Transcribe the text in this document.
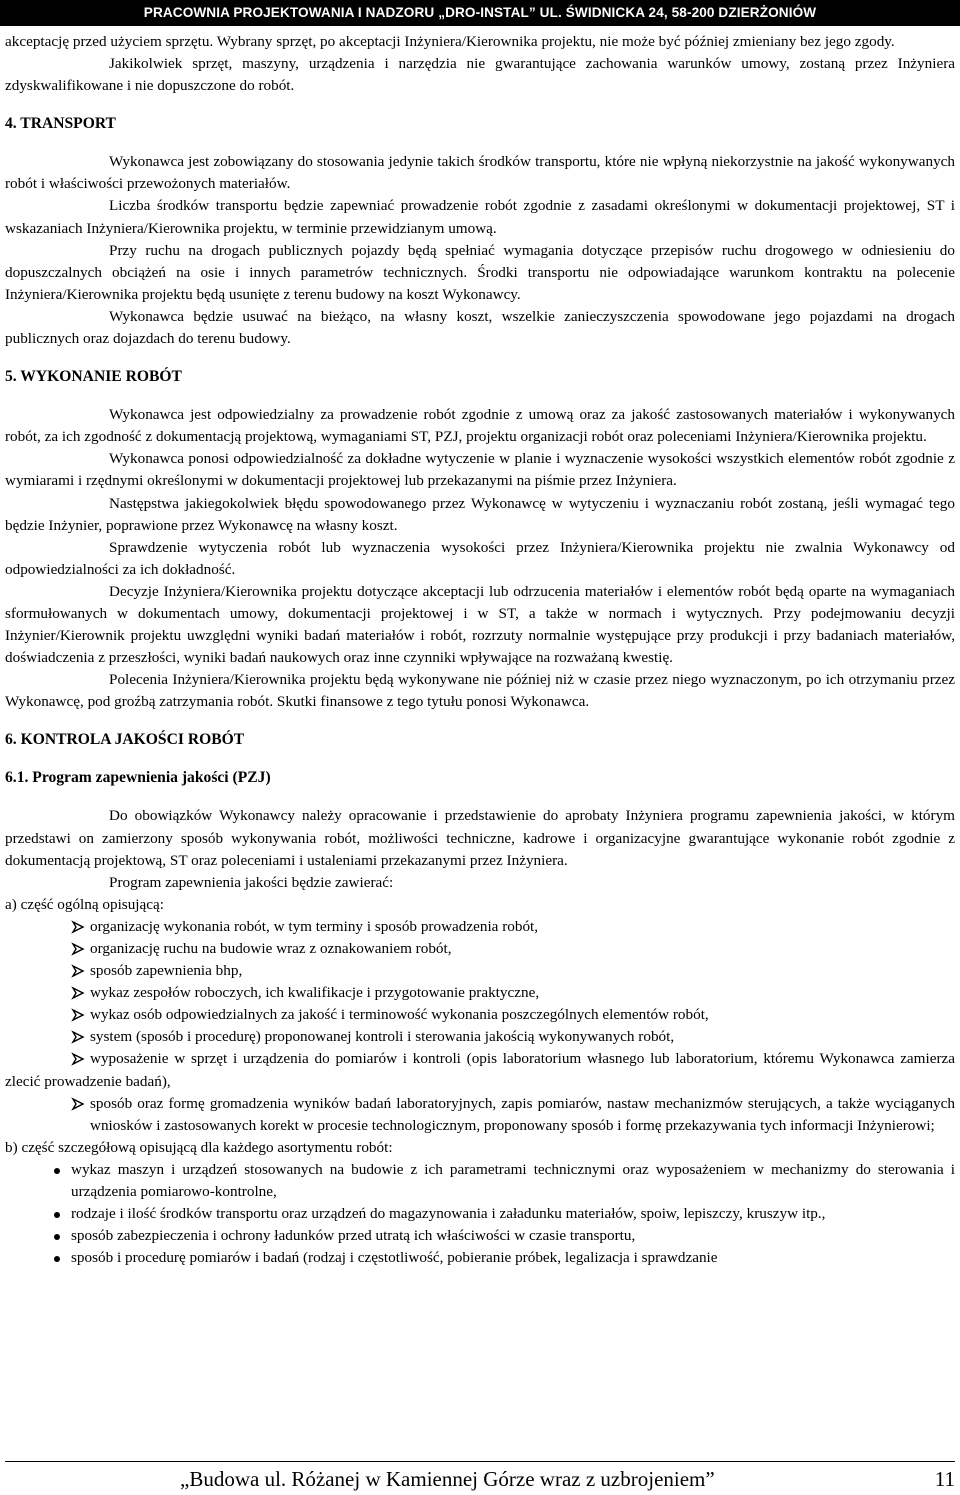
PRACOWNIA PROJEKTOWANIA I NADZORU „DRO-INSTAL” UL. ŚWIDNICKA 24, 58-200 DZIERŻONIÓW

akceptację przed użyciem sprzętu. Wybrany sprzęt, po akceptacji Inżyniera/Kierownika projektu, nie może być później zmieniany bez jego zgody.

Jakikolwiek sprzęt, maszyny, urządzenia i narzędzia nie gwarantujące zachowania warunków umowy, zostaną przez Inżyniera zdyskwalifikowane i nie dopuszczone do robót.

4. TRANSPORT

Wykonawca jest zobowiązany do stosowania jedynie takich środków transportu, które nie wpłyną niekorzystnie na jakość wykonywanych robót i właściwości przewożonych materiałów.

Liczba środków transportu będzie zapewniać prowadzenie robót zgodnie z zasadami określonymi w dokumentacji projektowej, ST i wskazaniach Inżyniera/Kierownika projektu, w terminie przewidzianym umową.

Przy ruchu na drogach publicznych pojazdy będą spełniać wymagania dotyczące przepisów ruchu drogowego w odniesieniu do dopuszczalnych obciążeń na osie i innych parametrów technicznych. Środki transportu nie odpowiadające warunkom kontraktu na polecenie Inżyniera/Kierownika projektu będą usunięte z terenu budowy na koszt Wykonawcy.

Wykonawca będzie usuwać na bieżąco, na własny koszt, wszelkie zanieczyszczenia spowodowane jego pojazdami na drogach publicznych oraz dojazdach do terenu budowy.

5. WYKONANIE ROBÓT

Wykonawca jest odpowiedzialny za prowadzenie robót zgodnie z umową oraz za jakość zastosowanych materiałów i wykonywanych robót, za ich zgodność z dokumentacją projektową, wymaganiami ST, PZJ, projektu organizacji robót oraz poleceniami Inżyniera/Kierownika projektu.

Wykonawca ponosi odpowiedzialność za dokładne wytyczenie w planie i wyznaczenie wysokości wszystkich elementów robót zgodnie z wymiarami i rzędnymi określonymi w dokumentacji projektowej lub przekazanymi na piśmie przez Inżyniera.

Następstwa jakiegokolwiek błędu spowodowanego przez Wykonawcę w wytyczeniu i wyznaczaniu robót zostaną, jeśli wymagać tego będzie Inżynier, poprawione przez Wykonawcę na własny koszt.

Sprawdzenie wytyczenia robót lub wyznaczenia wysokości przez Inżyniera/Kierownika projektu nie zwalnia Wykonawcy od odpowiedzialności za ich dokładność.

Decyzje Inżyniera/Kierownika projektu dotyczące akceptacji lub odrzucenia materiałów i elementów robót będą oparte na wymaganiach sformułowanych w dokumentach umowy, dokumentacji projektowej i w ST, a także w normach i wytycznych. Przy podejmowaniu decyzji Inżynier/Kierownik projektu uwzględni wyniki badań materiałów i robót, rozrzuty normalnie występujące przy produkcji i przy badaniach materiałów, doświadczenia z przeszłości, wyniki badań naukowych oraz inne czynniki wpływające na rozważaną kwestię.

Polecenia Inżyniera/Kierownika projektu będą wykonywane nie później niż w czasie przez niego wyznaczonym, po ich otrzymaniu przez Wykonawcę, pod groźbą zatrzymania robót. Skutki finansowe z tego tytułu ponosi Wykonawca.

6. KONTROLA JAKOŚCI ROBÓT
6.1. Program zapewnienia jakości (PZJ)

Do obowiązków Wykonawcy należy opracowanie i przedstawienie do aprobaty Inżyniera programu zapewnienia jakości, w którym przedstawi on zamierzony sposób wykonywania robót, możliwości techniczne, kadrowe i organizacyjne gwarantujące wykonanie robót zgodnie z dokumentacją projektową, ST oraz poleceniami i ustaleniami przekazanymi przez Inżyniera.

Program zapewnienia jakości będzie zawierać:

a) część ogólną opisującą:

organizację wykonania robót, w tym terminy i sposób prowadzenia robót,
organizację ruchu na budowie wraz z oznakowaniem robót,
sposób zapewnienia bhp,
wykaz zespołów roboczych, ich kwalifikacje i przygotowanie praktyczne,
wykaz osób odpowiedzialnych za jakość i terminowość wykonania poszczególnych elementów robót,
system (sposób i procedurę) proponowanej kontroli i sterowania jakością wykonywanych robót,
wyposażenie w sprzęt i urządzenia do pomiarów i kontroli (opis laboratorium własnego lub laboratorium, któremu Wykonawca zamierza zlecić prowadzenie badań),
sposób oraz formę gromadzenia wyników badań laboratoryjnych, zapis pomiarów, nastaw mechanizmów sterujących, a także wyciąganych wniosków i zastosowanych korekt w procesie technologicznym, proponowany sposób i formę przekazywania tych informacji Inżynierowi;

b) część szczegółową opisującą dla każdego asortymentu robót:

wykaz maszyn i urządzeń stosowanych na budowie z ich parametrami technicznymi oraz wyposażeniem w mechanizmy do sterowania i urządzenia pomiarowo-kontrolne,
rodzaje i ilość środków transportu oraz urządzeń do magazynowania i załadunku materiałów, spoiw, lepiszczy, kruszyw itp.,
sposób zabezpieczenia i ochrony ładunków przed utratą ich właściwości w czasie transportu,
sposób i procedurę pomiarów i badań (rodzaj i częstotliwość, pobieranie próbek, legalizacja i sprawdzanie
„Budowa ul. Różanej w Kamiennej Górze wraz z uzbrojeniem”	11
